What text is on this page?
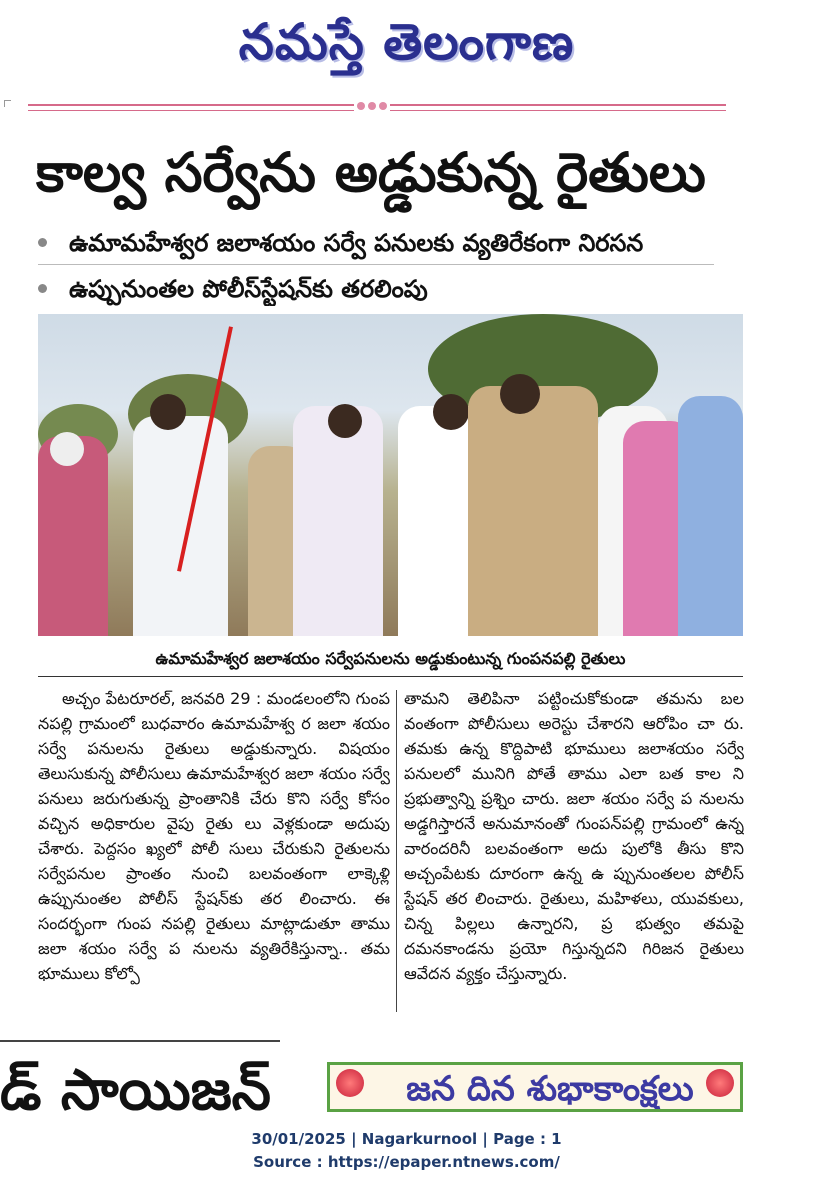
నమస్తే తెలంగాణ
కాల్వ సర్వేను అడ్డుకున్న రైతులు
ఉమామహేశ్వర జలాశయం సర్వే పనులకు వ్యతిరేకంగా నిరసన
ఉప్పునుంతల పోలీస్‌స్టేషన్‌కు తరలింపు
ఉమామహేశ్వర జలాశయం సర్వేపనులను అడ్డుకుంటున్న గుంపనపల్లి రైతులు
అచ్చం పేటరూరల్, జనవరి 29 : మండలంలోని గుంప నపల్లి గ్రామంలో బుధవారం ఉమామహేశ్వ ర జలా శయం సర్వే పనులను రైతులు అడ్డుకున్నారు. విషయం తెలుసుకున్న పోలీసులు ఉమామహేశ్వర జలా శయం సర్వే పనులు జరుగుతున్న ప్రాంతానికి చేరు కొని సర్వే కోసం వచ్చిన అధికారుల వైపు రైతు లు వెళ్లకుండా అదుపు చేశారు. పెద్దసం ఖ్యలో పోలీ సులు చేరుకుని రైతులను సర్వేపనుల ప్రాంతం నుంచి బలవంతంగా లాక్కెళ్లి ఉప్పునుంతల పోలీస్ స్టేషన్‌కు తర లించారు. ఈ సందర్భంగా గుంప నపల్లి రైతులు మాట్లాడుతూ తాము జలా శయం సర్వే ప నులను వ్యతిరేకిస్తున్నా.. తమ భూములు కోల్పో
తామని తెలిపినా పట్టించుకోకుండా తమను బల వంతంగా పోలీసులు అరెస్టు చేశారని ఆరోపిం చా రు. తమకు ఉన్న కొద్దిపాటి భూములు జలాశయం సర్వే పనులలో మునిగి పోతే తాము ఎలా బత కాల ని ప్రభుత్వాన్ని ప్రశ్నిం చారు. జలా శయం సర్వే ప నులను అడ్డగిస్తారనే అనుమానంతో గుంపన్‌పల్లి గ్రామంలో ఉన్న వారందరినీ బలవంతంగా అదు పులోకి తీసు కొని అచ్చంపేటకు దూరంగా ఉన్న ఉ ప్పునుంతలల పోలీస్ స్టేషన్ తర లించారు. రైతులు, మహిళలు, యువకులు, చిన్న పిల్లలు ఉన్నారని, ప్ర భుత్వం తమపై దమనకాండను ప్రయో గిస్తున్నదని గిరిజన రైతులు ఆవేదన వ్యక్తం చేస్తున్నారు.
డ్ సాయిజన్	జన దిన శుభాకాంక్షలు
30/01/2025 | Nagarkurnool | Page : 1
Source : https://epaper.ntnews.com/
